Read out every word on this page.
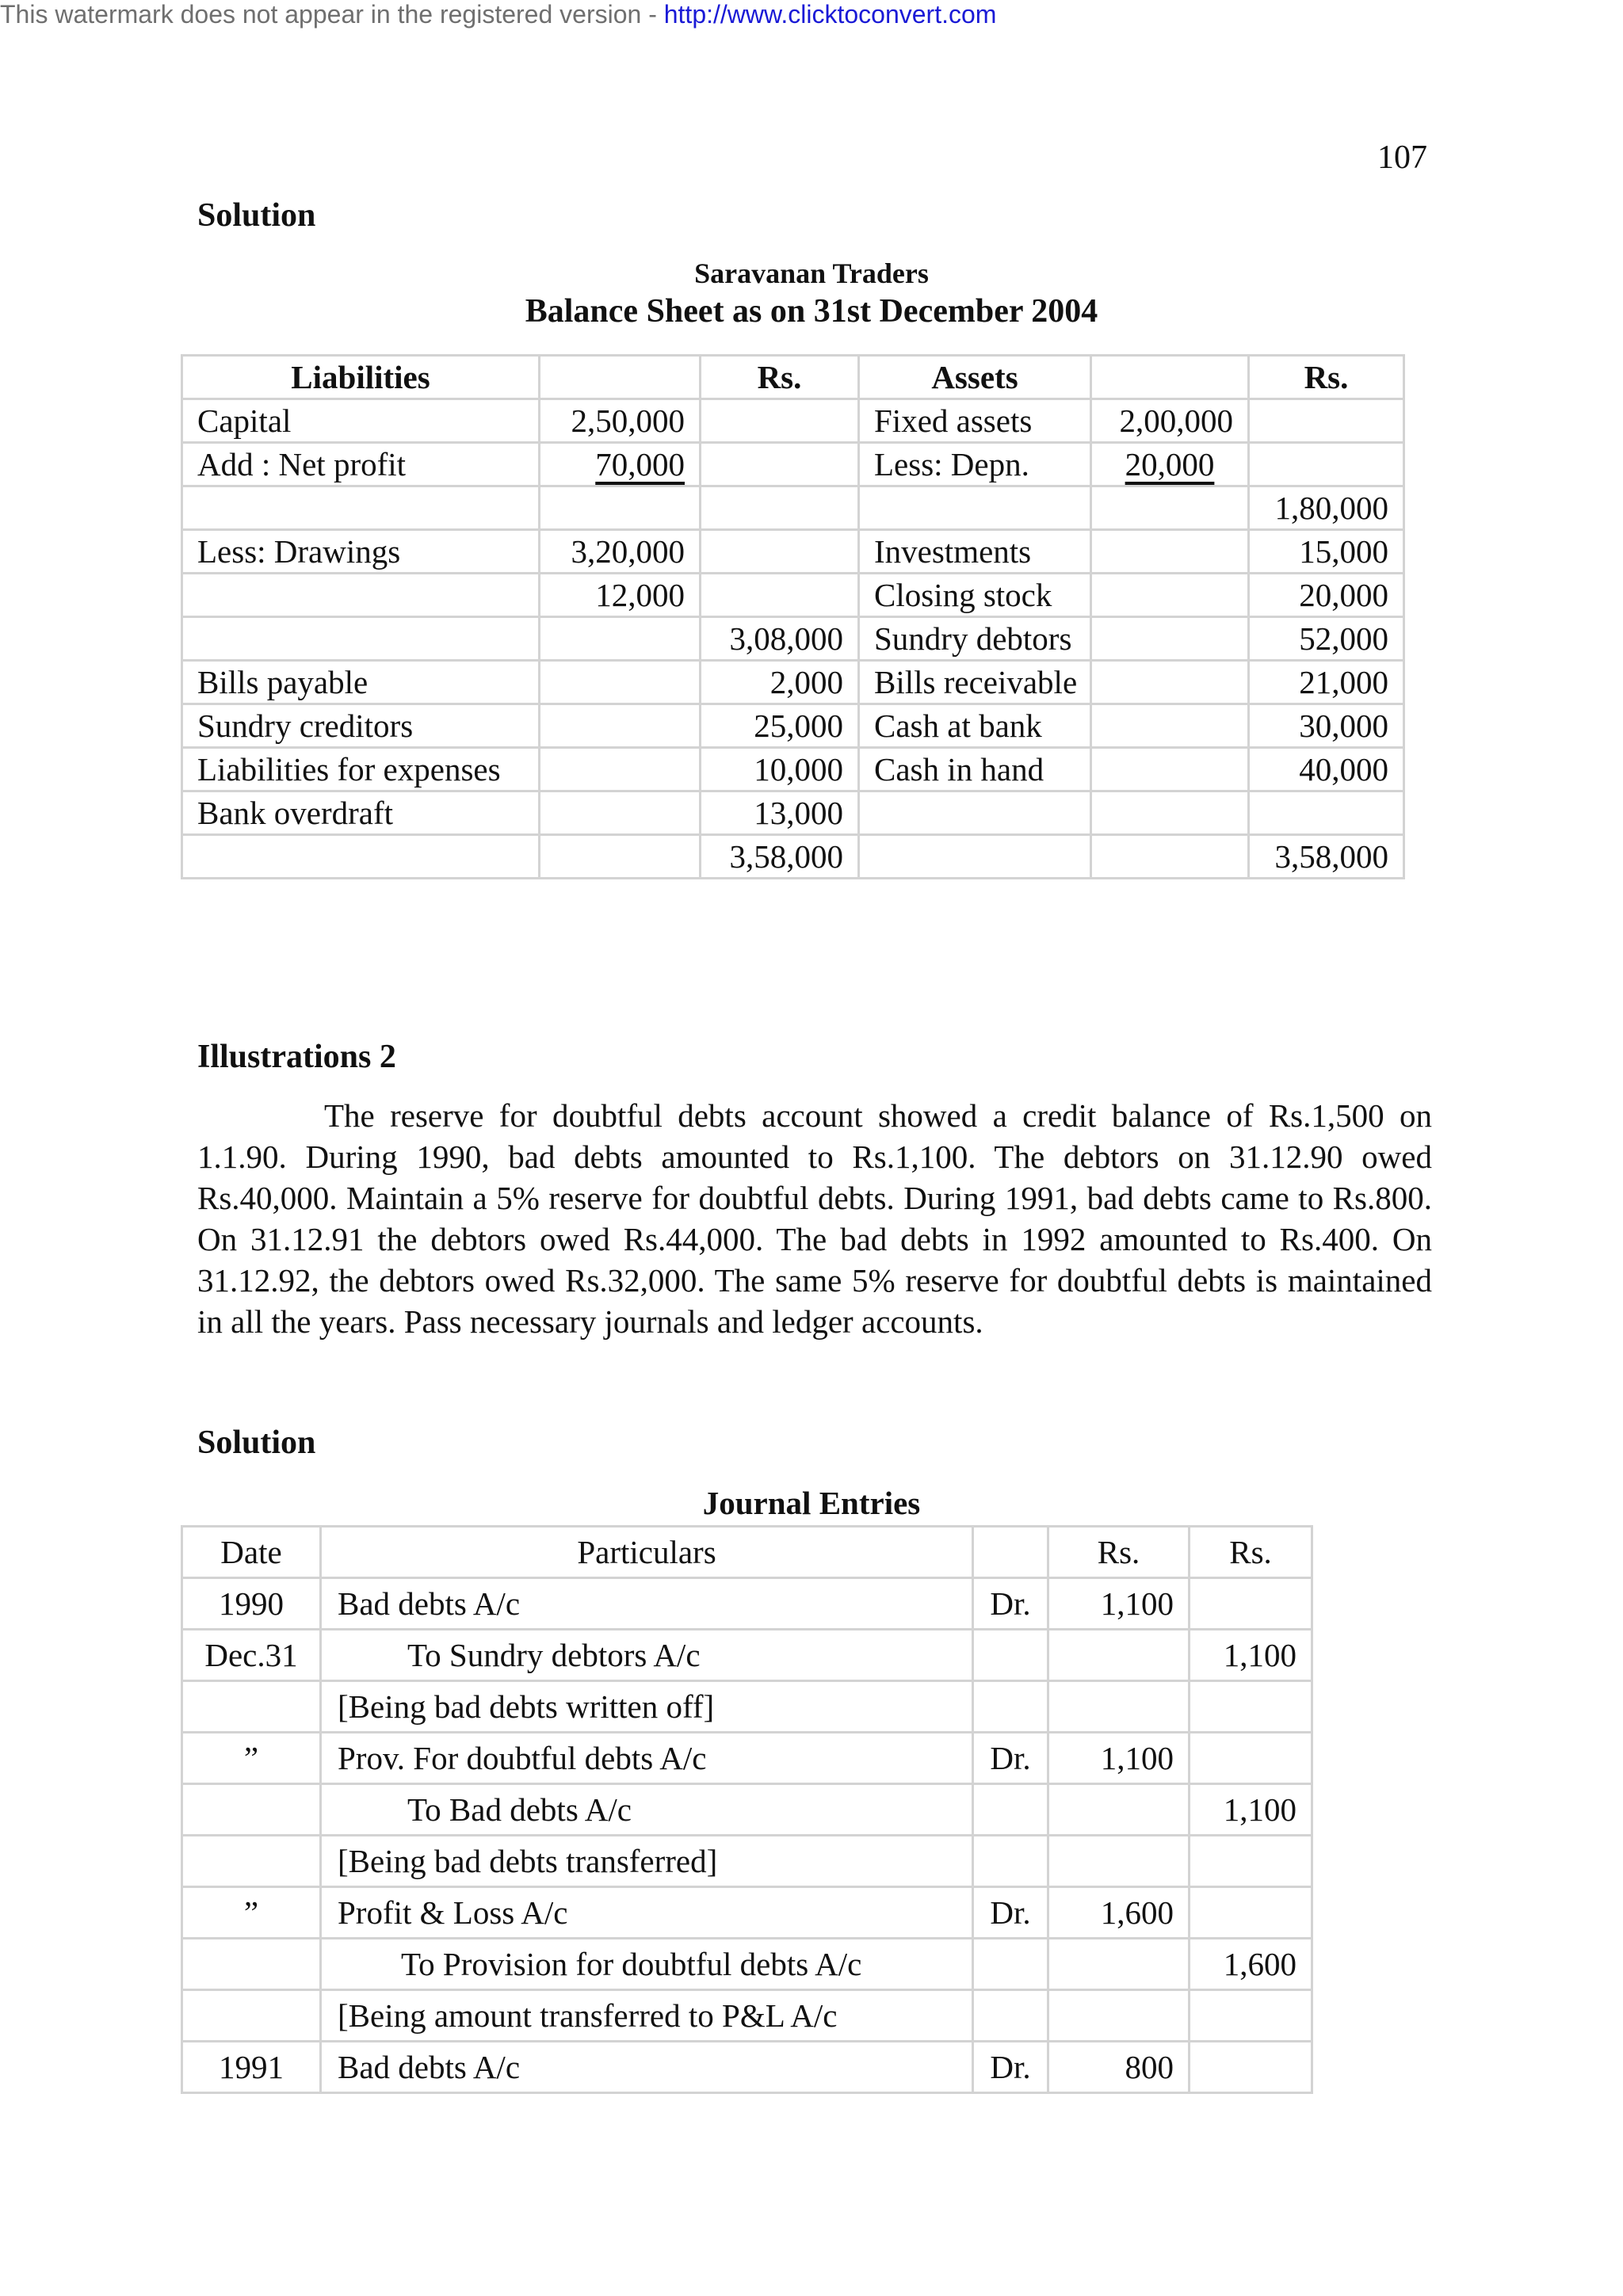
This watermark does not appear in the registered version - http://www.clicktoconvert.com
107
Solution
Saravanan Traders
Balance Sheet as on 31st December 2004
Liabilities		Rs.	Assets		Rs.
Capital	2,50,000		Fixed assets	2,00,000	
Add : Net profit	70,000		Less: Depn.	20,000	
					1,80,000
Less: Drawings	3,20,000		Investments		15,000
	12,000		Closing stock		20,000
		3,08,000	Sundry debtors		52,000
Bills payable		2,000	Bills receivable		21,000
Sundry creditors		25,000	Cash at bank		30,000
Liabilities for expenses		10,000	Cash in hand		40,000
Bank overdraft		13,000			
		3,58,000			3,58,000
Illustrations 2
The reserve for doubtful debts account showed a credit balance of Rs.1,500 on 1.1.90. During 1990, bad debts amounted to Rs.1,100. The debtors on 31.12.90 owed Rs.40,000. Maintain a 5% reserve for doubtful debts. During 1991, bad debts came to Rs.800. On 31.12.91 the debtors owed Rs.44,000. The bad debts in 1992 amounted to Rs.400. On 31.12.92, the debtors owed Rs.32,000. The same 5% reserve for doubtful debts is maintained in all the years. Pass necessary journals and ledger accounts.
Solution
Journal Entries
Date	Particulars		Rs.	Rs.
1990	Bad debts A/c	Dr.	1,100	
Dec.31	To Sundry debtors A/c			1,100
	[Being bad debts written off]			
”	Prov. For doubtful debts A/c	Dr.	1,100	
	To Bad debts A/c			1,100
	[Being bad debts transferred]			
”	Profit & Loss A/c	Dr.	1,600	
	To Provision for doubtful debts A/c			1,600
	[Being amount transferred to P&L A/c			
1991	Bad debts A/c	Dr.	800	
